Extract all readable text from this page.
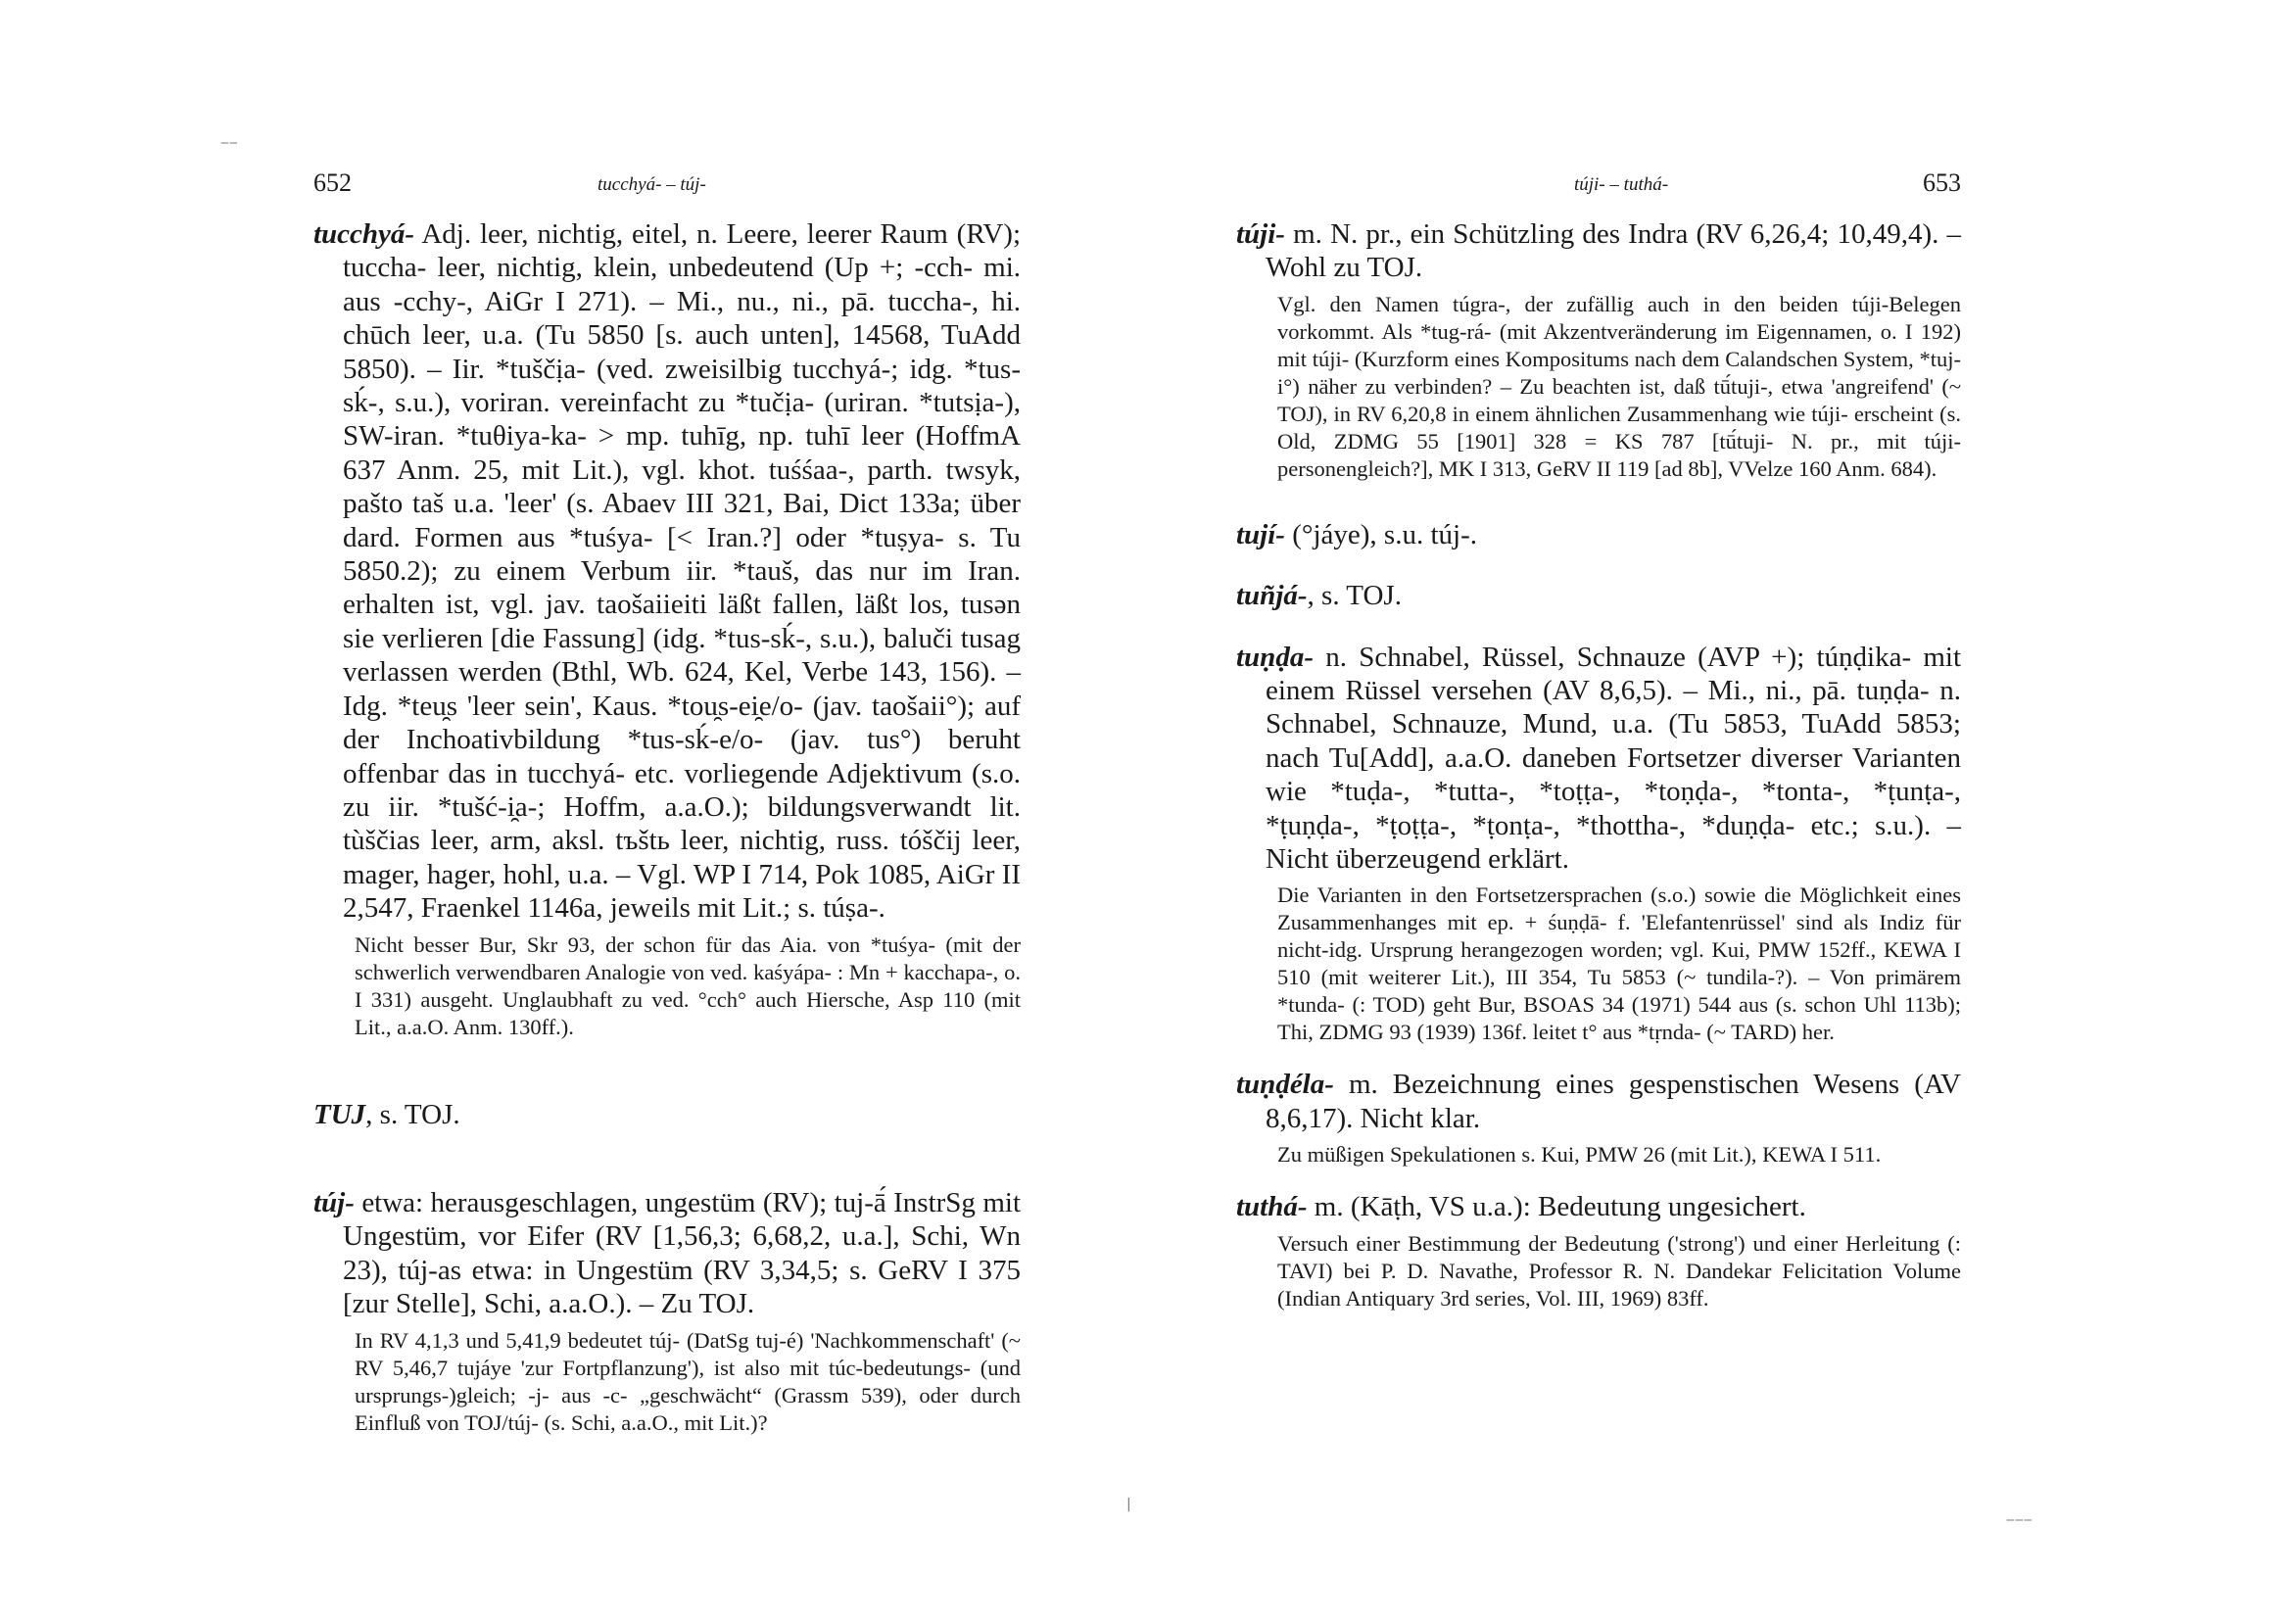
652	tucchyá- – túj-

tucchyá- Adj. leer, nichtig, eitel, n. Leere, leerer Raum (RV); tuccha- leer, nichtig, klein, unbedeutend (Up +; -cch- mi. aus -cchy-, AiGr I 271). – Mi., nu., ni., pā. tuccha-, hi. chūch leer, u.a. (Tu 5850 [s. auch unten], 14568, TuAdd 5850). – Iir. *tuščịa- (ved. zweisilbig tucchyá-; idg. *tus-sḱ-, s.u.), voriran. vereinfacht zu *tučịa- (uriran. *tutsịa-), SW-iran. *tuθiya-ka- > mp. tuhīg, np. tuhī leer (HoffmA 637 Anm. 25, mit Lit.), vgl. khot. tuśśaa-, parth. twsyk, pašto taš u.a. 'leer' (s. Abaev III 321, Bai, Dict 133a; über dard. Formen aus *tuśya- [< Iran.?] oder *tuṣya- s. Tu 5850.2); zu einem Verbum iir. *tauš, das nur im Iran. erhalten ist, vgl. jav. taošaiieiti läßt fallen, läßt los, tusən sie verlieren [die Fassung] (idg. *tus-sḱ-, s.u.), baluči tusag verlassen werden (Bthl, Wb. 624, Kel, Verbe 143, 156). – Idg. *teu̯s 'leer sein', Kaus. *tou̯s-ei̯e/o- (jav. taošaii°); auf der Inchoativbildung *tus-sḱ-e/o- (jav. tus°) beruht offenbar das in tucchyá- etc. vorliegende Adjektivum (s.o. zu iir. *tušć-i̯a-; Hoffm, a.a.O.); bildungsverwandt lit. tùščias leer, arm, aksl. tъštь leer, nichtig, russ. tóščij leer, mager, hager, hohl, u.a. – Vgl. WP I 714, Pok 1085, AiGr II 2,547, Fraenkel 1146a, jeweils mit Lit.; s. túṣa-.

Nicht besser Bur, Skr 93, der schon für das Aia. von *tuśya- (mit der schwerlich verwendbaren Analogie von ved. kaśyápa- : Mn + kacchapa-, o. I 331) ausgeht. Unglaubhaft zu ved. °cch° auch Hiersche, Asp 110 (mit Lit., a.a.O. Anm. 130ff.).

TUJ, s. TOJ.

túj- etwa: herausgeschlagen, ungestüm (RV); tuj-ā́ InstrSg mit Ungestüm, vor Eifer (RV [1,56,3; 6,68,2, u.a.], Schi, Wn 23), túj-as etwa: in Ungestüm (RV 3,34,5; s. GeRV I 375 [zur Stelle], Schi, a.a.O.). – Zu TOJ.

In RV 4,1,3 und 5,41,9 bedeutet túj- (DatSg tuj-é) 'Nachkommenschaft' (~ RV 5,46,7 tujáye 'zur Fortpflanzung'), ist also mit túc-bedeutungs- (und ursprungs-)gleich; -j- aus -c- „geschwächt“ (Grassm 539), oder durch Einfluß von TOJ/túj- (s. Schi, a.a.O., mit Lit.)?

túji- – tuthá-	653

túji- m. N. pr., ein Schützling des Indra (RV 6,26,4; 10,49,4). – Wohl zu TOJ.

Vgl. den Namen túgra-, der zufällig auch in den beiden túji-Belegen vorkommt. Als *tug-rá- (mit Akzentveränderung im Eigennamen, o. I 192) mit túji- (Kurzform eines Kompositums nach dem Calandschen System, *tuj-i°) näher zu verbinden? – Zu beachten ist, daß tū́tuji-, etwa 'angreifend' (~ TOJ), in RV 6,20,8 in einem ähnlichen Zusammenhang wie túji- erscheint (s. Old, ZDMG 55 [1901] 328 = KS 787 [tū́tuji- N. pr., mit túji- personengleich?], MK I 313, GeRV II 119 [ad 8b], VVelze 160 Anm. 684).

tují- (°jáye), s.u. túj-.

tuñjá-, s. TOJ.

tuṇḍa- n. Schnabel, Rüssel, Schnauze (AVP +); túṇḍika- mit einem Rüssel versehen (AV 8,6,5). – Mi., ni., pā. tuṇḍa- n. Schnabel, Schnauze, Mund, u.a. (Tu 5853, TuAdd 5853; nach Tu[Add], a.a.O. daneben Fortsetzer diverser Varianten wie *tuḍa-, *tutta-, *toṭṭa-, *toṇḍa-, *tonta-, *ṭunṭa-, *ṭuṇḍa-, *ṭoṭṭa-, *ṭonṭa-, *thottha-, *duṇḍa- etc.; s.u.). – Nicht überzeugend erklärt.

Die Varianten in den Fortsetzersprachen (s.o.) sowie die Möglichkeit eines Zusammenhanges mit ep. + śuṇḍā- f. 'Elefantenrüssel' sind als Indiz für nicht-idg. Ursprung herangezogen worden; vgl. Kui, PMW 152ff., KEWA I 510 (mit weiterer Lit.), III 354, Tu 5853 (~ tundila-?). – Von primärem *tunda- (: TOD) geht Bur, BSOAS 34 (1971) 544 aus (s. schon Uhl 113b); Thi, ZDMG 93 (1939) 136f. leitet t° aus *tṛnda- (~ TARD) her.

tuṇḍéla- m. Bezeichnung eines gespenstischen Wesens (AV 8,6,17). Nicht klar.

Zu müßigen Spekulationen s. Kui, PMW 26 (mit Lit.), KEWA I 511.

tuthá- m. (Kāṭh, VS u.a.): Bedeutung ungesichert.

Versuch einer Bestimmung der Bedeutung ('strong') und einer Herleitung (: TAVI) bei P. D. Navathe, Professor R. N. Dandekar Felicitation Volume (Indian Antiquary 3rd series, Vol. III, 1969) 83ff.

‒‒
|
‒‒‒
